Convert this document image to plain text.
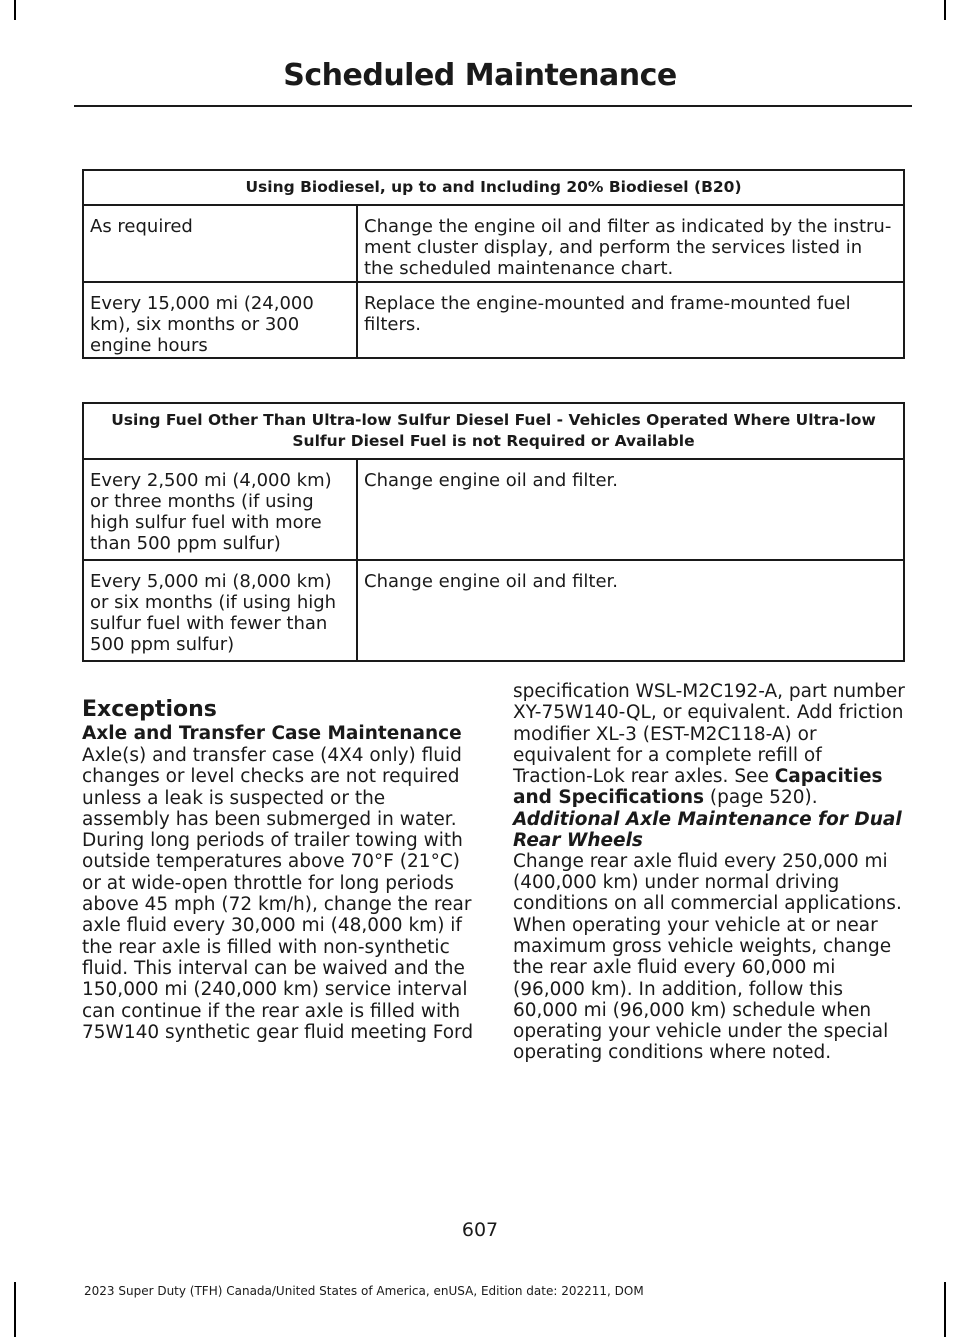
Scheduled Maintenance
Using Biodiesel, up to and Including 20% Biodiesel (B20)	
As required	Change the engine oil and filter as indicated by the instru-ment cluster display, and perform the services listed in the scheduled maintenance chart.
Every 15,000 mi (24,000 km), six months or 300 engine hours	Replace the engine-mounted and frame-mounted fuel filters.
Using Fuel Other Than Ultra-low Sulfur Diesel Fuel - Vehicles Operated Where Ultra-low Sulfur Diesel Fuel is not Required or Available	
Every 2,500 mi (4,000 km) or three months (if using high sulfur fuel with more than 500 ppm sulfur)	Change engine oil and filter.
Every 5,000 mi (8,000 km) or six months (if using high sulfur fuel with fewer than 500 ppm sulfur)	Change engine oil and filter.

Exceptions

Axle and Transfer Case Maintenance

Axle(s) and transfer case (4X4 only) fluid changes or level checks are not required unless a leak is suspected or the assembly has been submerged in water. During long periods of trailer towing with outside temperatures above 70°F (21°C) or at wide-open throttle for long periods above 45 mph (72 km/h), change the rear axle fluid every 30,000 mi (48,000 km) if the rear axle is filled with non-synthetic fluid. This interval can be waived and the 150,000 mi (240,000 km) service interval can continue if the rear axle is filled with 75W140 synthetic gear fluid meeting Ford

specification WSL-M2C192-A, part number XY-75W140-QL, or equivalent. Add friction modifier XL-3 (EST-M2C118-A) or equivalent for a complete refill of Traction-Lok rear axles. See Capacities and Specifications (page 520).

Additional Axle Maintenance for Dual Rear Wheels

Change rear axle fluid every 250,000 mi (400,000 km) under normal driving conditions on all commercial applications. When operating your vehicle at or near maximum gross vehicle weights, change the rear axle fluid every 60,000 mi (96,000 km). In addition, follow this 60,000 mi (96,000 km) schedule when operating your vehicle under the special operating conditions where noted.

607
2023 Super Duty (TFH) Canada/United States of America, enUSA, Edition date: 202211, DOM
